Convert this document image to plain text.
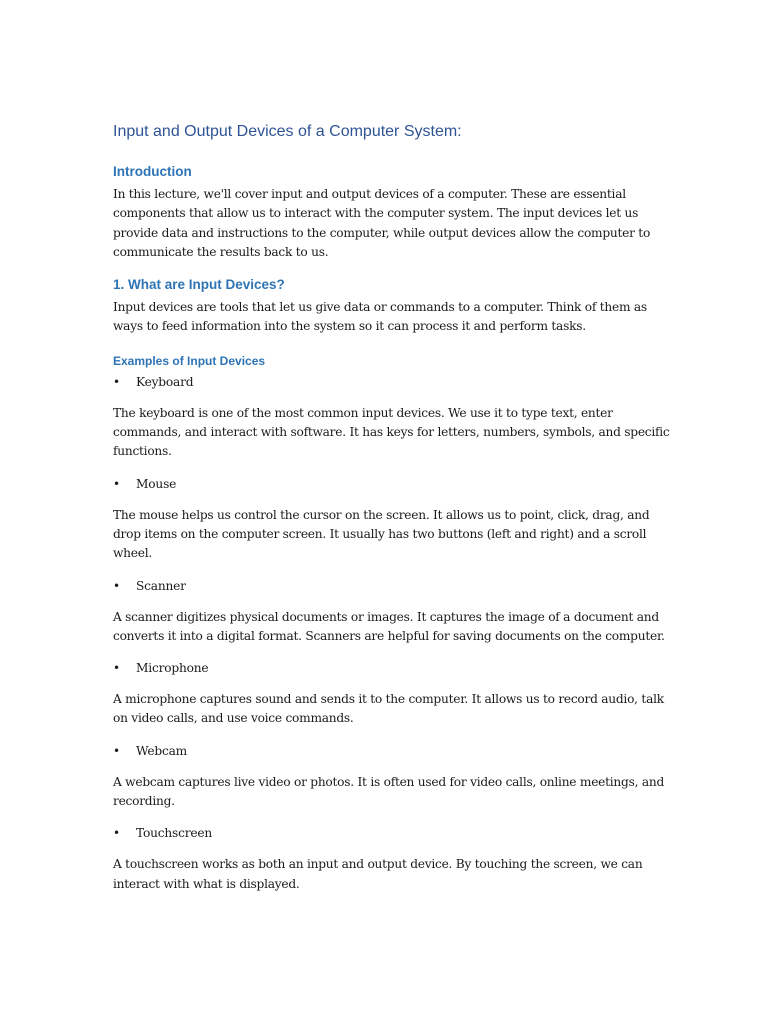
Input and Output Devices of a Computer System:
Introduction

In this lecture, we'll cover input and output devices of a computer. These are essential components that allow us to interact with the computer system. The input devices let us provide data and instructions to the computer, while output devices allow the computer to communicate the results back to us.

1. What are Input Devices?

Input devices are tools that let us give data or commands to a computer. Think of them as ways to feed information into the system so it can process it and perform tasks.

Examples of Input Devices
•	Keyboard

The keyboard is one of the most common input devices. We use it to type text, enter commands, and interact with software. It has keys for letters, numbers, symbols, and specific functions.

•	Mouse

The mouse helps us control the cursor on the screen. It allows us to point, click, drag, and drop items on the computer screen. It usually has two buttons (left and right) and a scroll wheel.

•	Scanner

A scanner digitizes physical documents or images. It captures the image of a document and converts it into a digital format. Scanners are helpful for saving documents on the computer.

•	Microphone

A microphone captures sound and sends it to the computer. It allows us to record audio, talk on video calls, and use voice commands.

•	Webcam

A webcam captures live video or photos. It is often used for video calls, online meetings, and recording.

•	Touchscreen

A touchscreen works as both an input and output device. By touching the screen, we can interact with what is displayed.
